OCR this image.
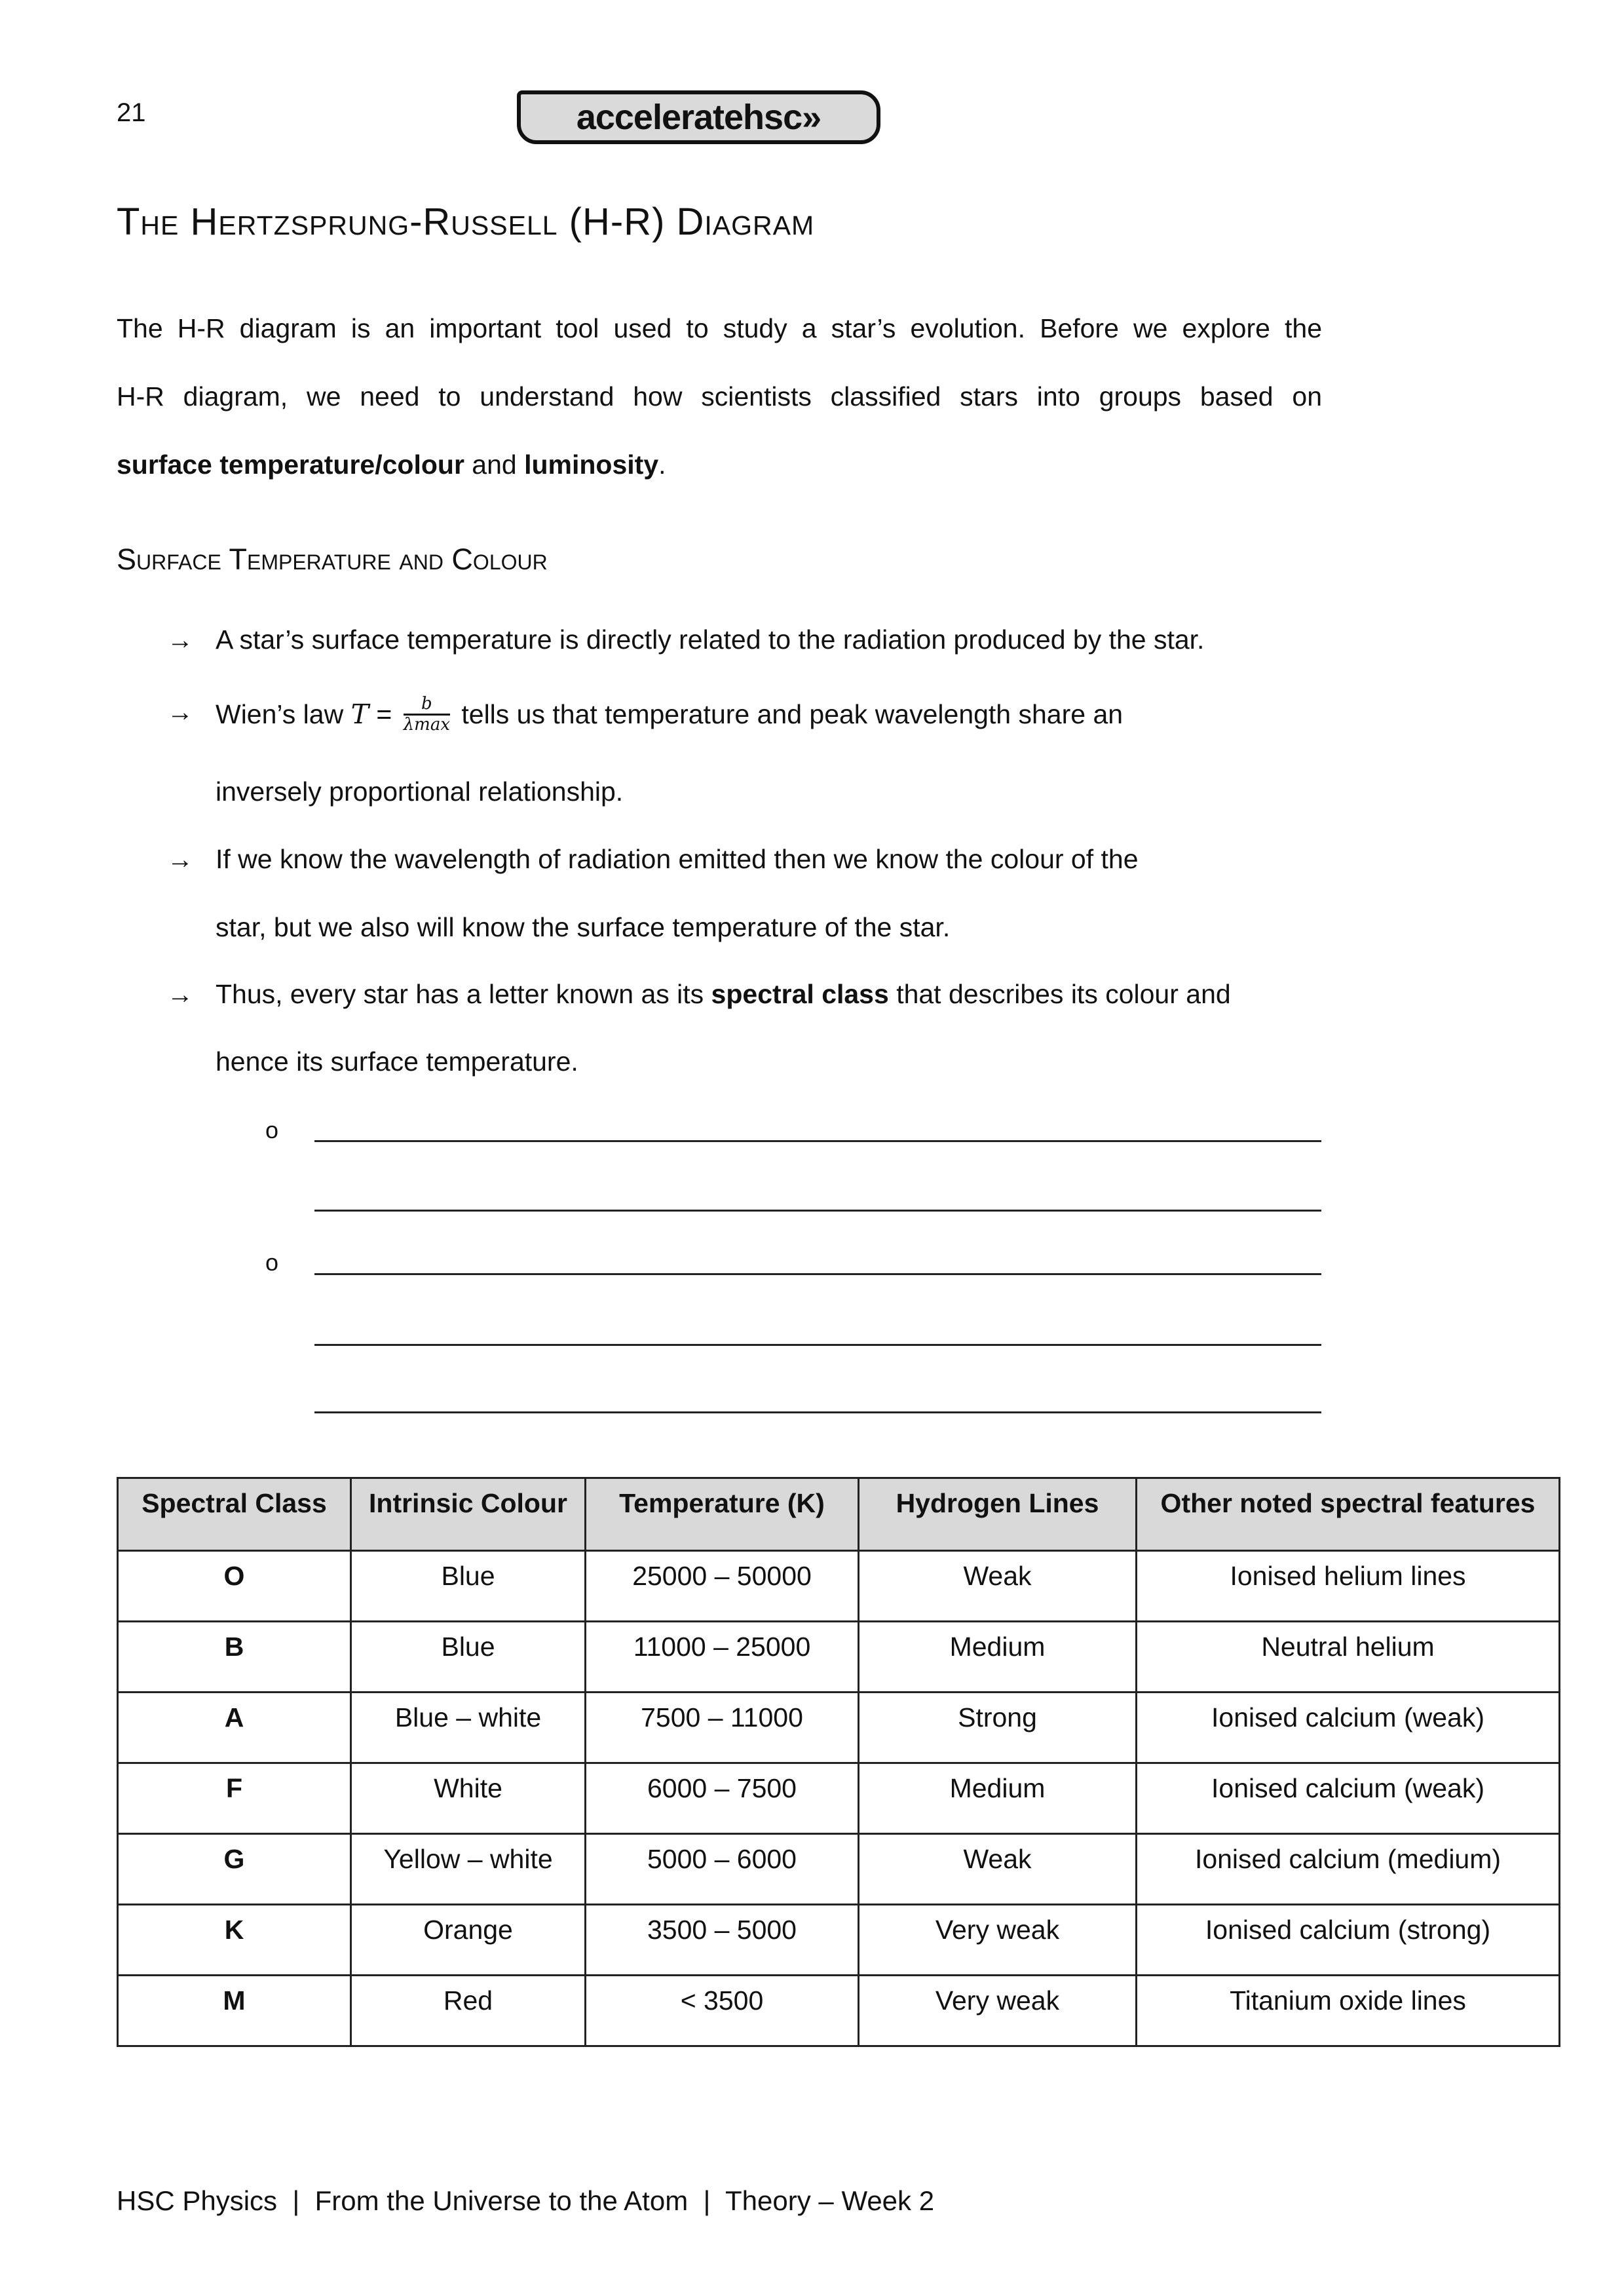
21	acceleratehsc »
The Hertzsprung-Russell (H-R) Diagram
The H-R diagram is an important tool used to study a star’s evolution. Before we explore the
H-R diagram, we need to understand how scientists classified stars into groups based on
surface temperature/colour and luminosity.
Surface Temperature and Colour
→ A star’s surface temperature is directly related to the radiation produced by the star.
→ Wien’s law $T = \frac{b}{\lambda\max}$ tells us that temperature and peak wavelength share an
inversely proportional relationship.
→ If we know the wavelength of radiation emitted then we know the colour of the
star, but we also will know the surface temperature of the star.
→ Thus, every star has a letter known as its spectral class that describes its colour and
hence its surface temperature.
o
o
Spectral Class	Intrinsic Colour	Temperature (K)	Hydrogen Lines	Other noted spectral features
O	Blue	25000 – 50000	Weak	Ionised helium lines
B	Blue	11000 – 25000	Medium	Neutral helium
A	Blue – white	7500 – 11000	Strong	Ionised calcium (weak)
F	White	6000 – 7500	Medium	Ionised calcium (weak)
G	Yellow – white	5000 – 6000	Weak	Ionised calcium (medium)
K	Orange	3500 – 5000	Very weak	Ionised calcium (strong)
M	Red	< 3500	Very weak	Titanium oxide lines
HSC Physics  |  From the Universe to the Atom  |  Theory – Week 2
